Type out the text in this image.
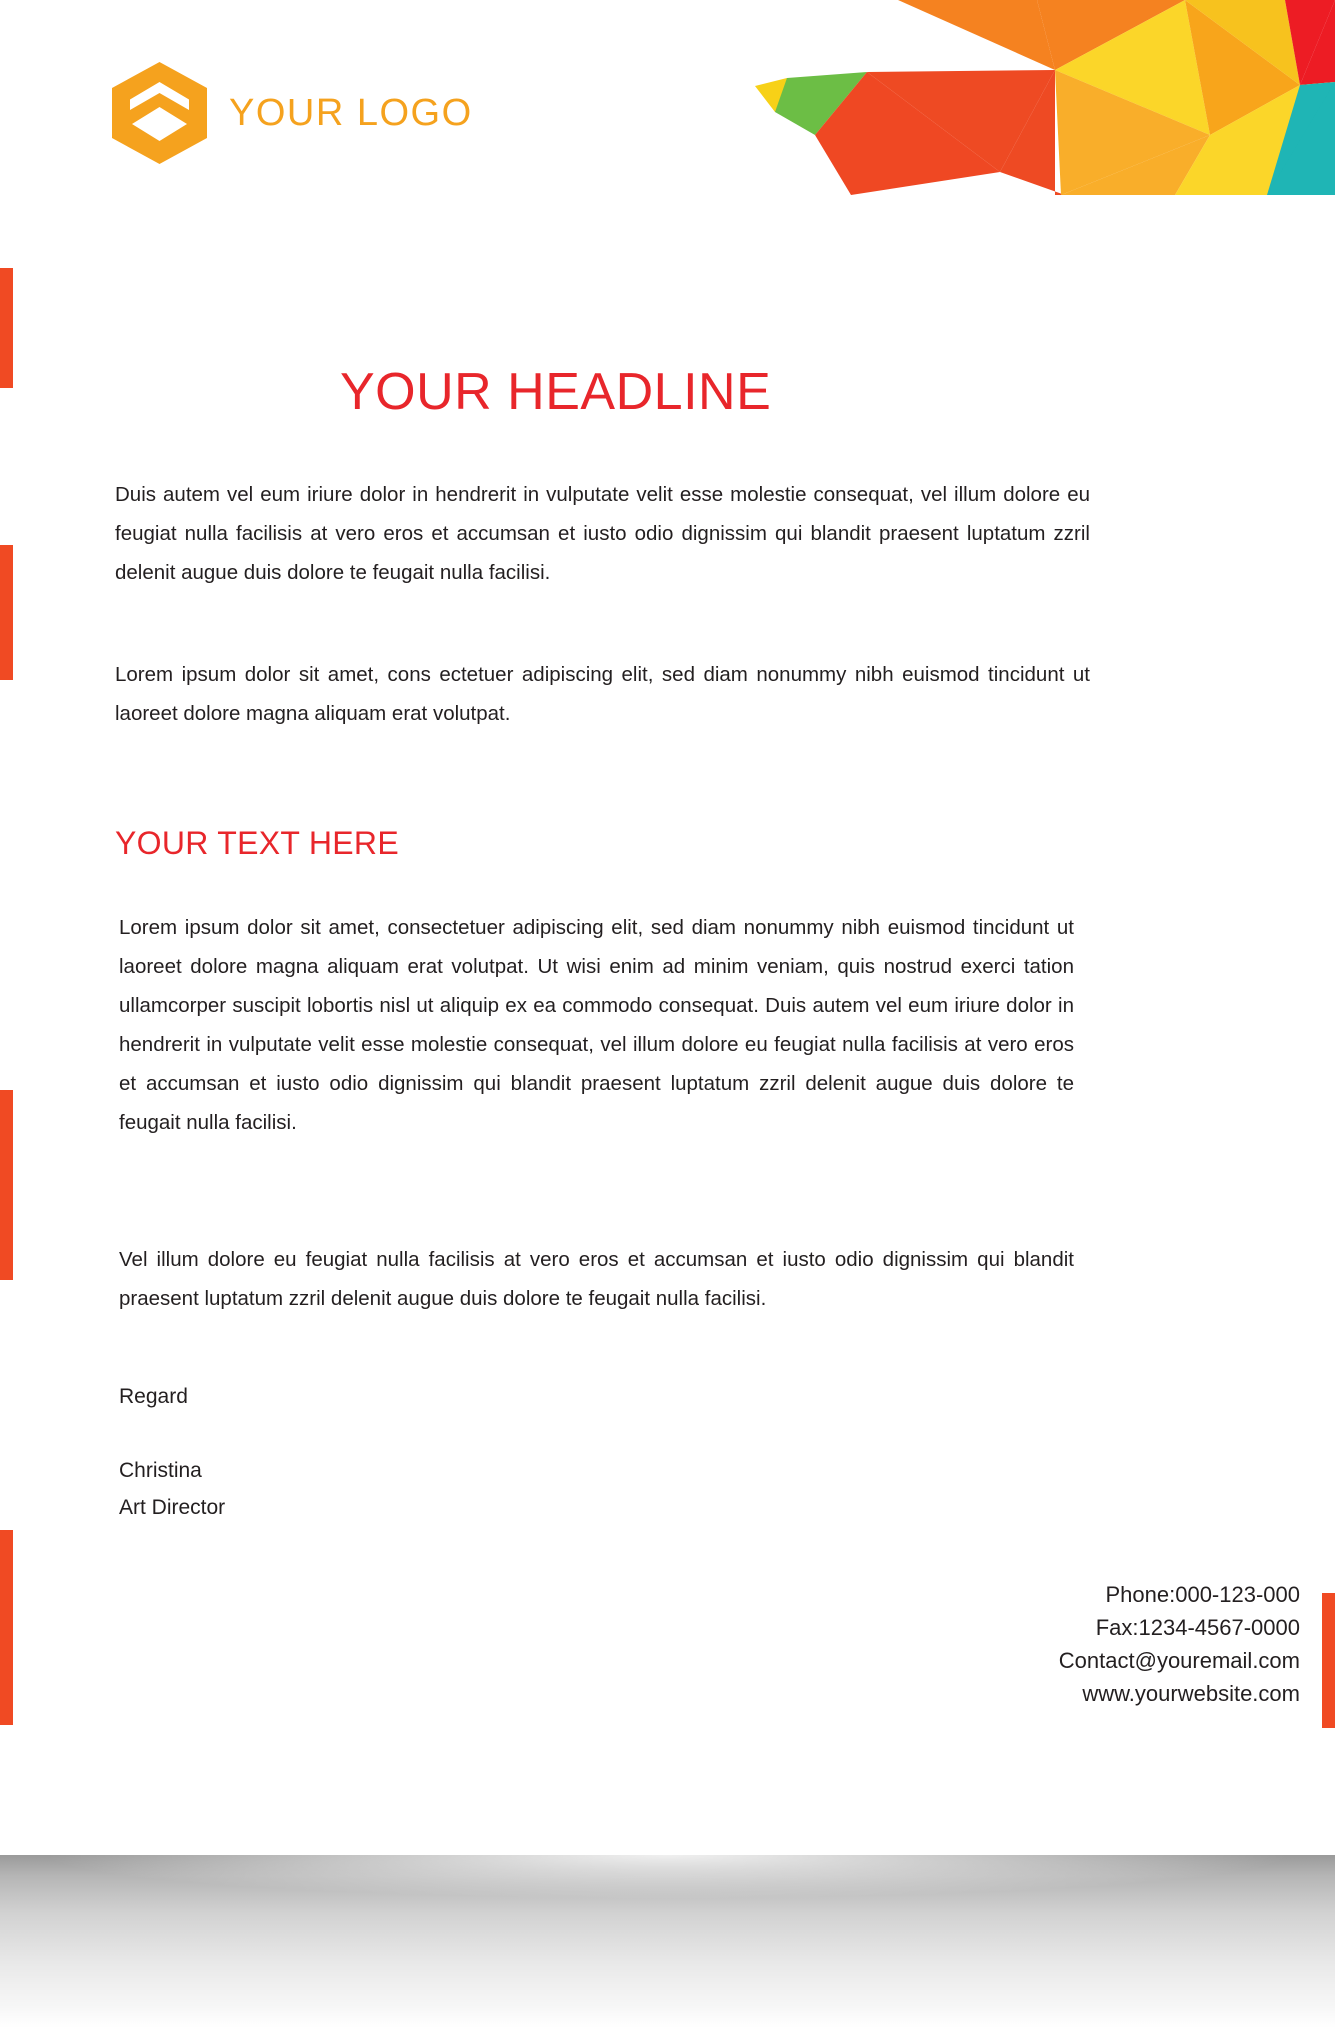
YOUR LOGO
YOUR HEADLINE

Duis autem vel eum iriure dolor in hendrerit in vulputate velit esse molestie consequat, vel illum dolore eu feugiat nulla facilisis at vero eros et accumsan et iusto odio dignissim qui blandit praesent luptatum zzril delenit augue duis dolore te feugait nulla facilisi.

Lorem ipsum dolor sit amet, cons ectetuer adipiscing elit, sed diam nonummy nibh euismod tincidunt ut laoreet dolore magna aliquam erat volutpat.

Lorem ipsum dolor sit amet, consectetuer adipiscing elit, sed diam nonummy nibh euismod tincidunt ut laoreet dolore magna aliquam erat volutpat. Ut wisi enim ad minim veniam, quis nostrud exerci tation ullamcorper suscipit lobortis nisl ut aliquip ex ea commodo consequat. Duis autem vel eum iriure dolor in hendrerit in vulputate velit esse molestie consequat, vel illum dolore eu feugiat nulla facilisis at vero eros et accumsan et iusto odio dignissim qui blandit praesent luptatum zzril delenit augue duis dolore te feugait nulla facilisi.

Vel illum dolore eu feugiat nulla facilisis at vero eros et accumsan et iusto odio dignissim qui blandit praesent luptatum zzril delenit augue duis dolore te feugait nulla facilisi.

YOUR TEXT HERE
Regard
Christina
Art Director
Phone:000-123-000
Fax:1234-4567-0000
Contact@youremail.com
www.yourwebsite.com
